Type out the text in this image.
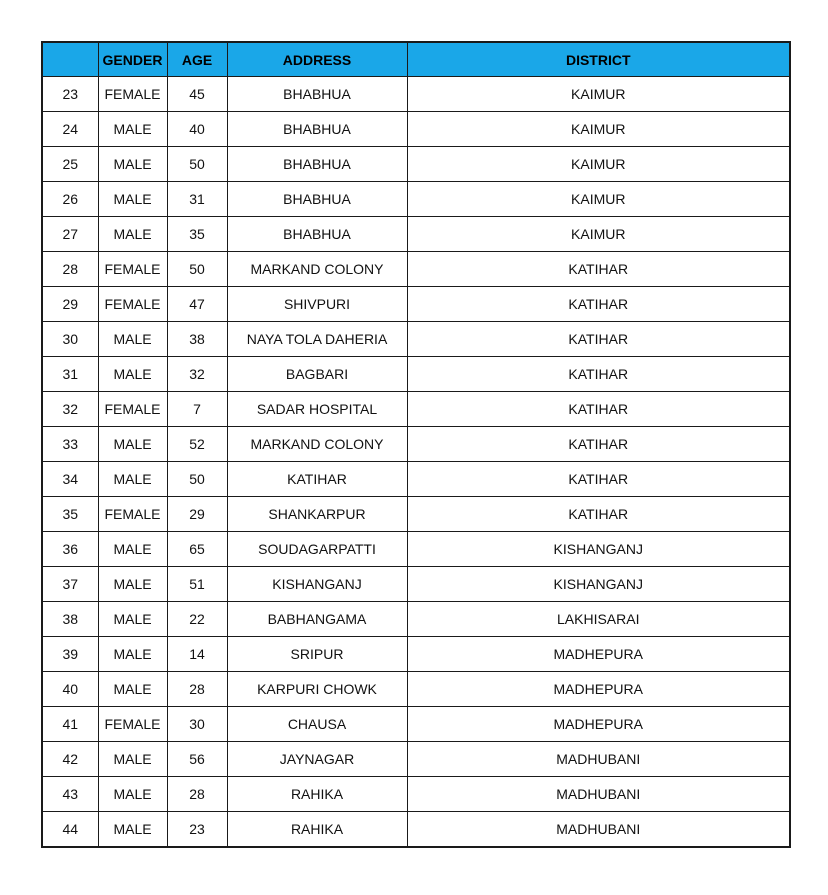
	GENDER	AGE	ADDRESS	DISTRICT
23	FEMALE	45	BHABHUA	KAIMUR
24	MALE	40	BHABHUA	KAIMUR
25	MALE	50	BHABHUA	KAIMUR
26	MALE	31	BHABHUA	KAIMUR
27	MALE	35	BHABHUA	KAIMUR
28	FEMALE	50	MARKAND COLONY	KATIHAR
29	FEMALE	47	SHIVPURI	KATIHAR
30	MALE	38	NAYA TOLA DAHERIA	KATIHAR
31	MALE	32	BAGBARI	KATIHAR
32	FEMALE	7	SADAR HOSPITAL	KATIHAR
33	MALE	52	MARKAND COLONY	KATIHAR
34	MALE	50	KATIHAR	KATIHAR
35	FEMALE	29	SHANKARPUR	KATIHAR
36	MALE	65	SOUDAGARPATTI	KISHANGANJ
37	MALE	51	KISHANGANJ	KISHANGANJ
38	MALE	22	BABHANGAMA	LAKHISARAI
39	MALE	14	SRIPUR	MADHEPURA
40	MALE	28	KARPURI CHOWK	MADHEPURA
41	FEMALE	30	CHAUSA	MADHEPURA
42	MALE	56	JAYNAGAR	MADHUBANI
43	MALE	28	RAHIKA	MADHUBANI
44	MALE	23	RAHIKA	MADHUBANI
